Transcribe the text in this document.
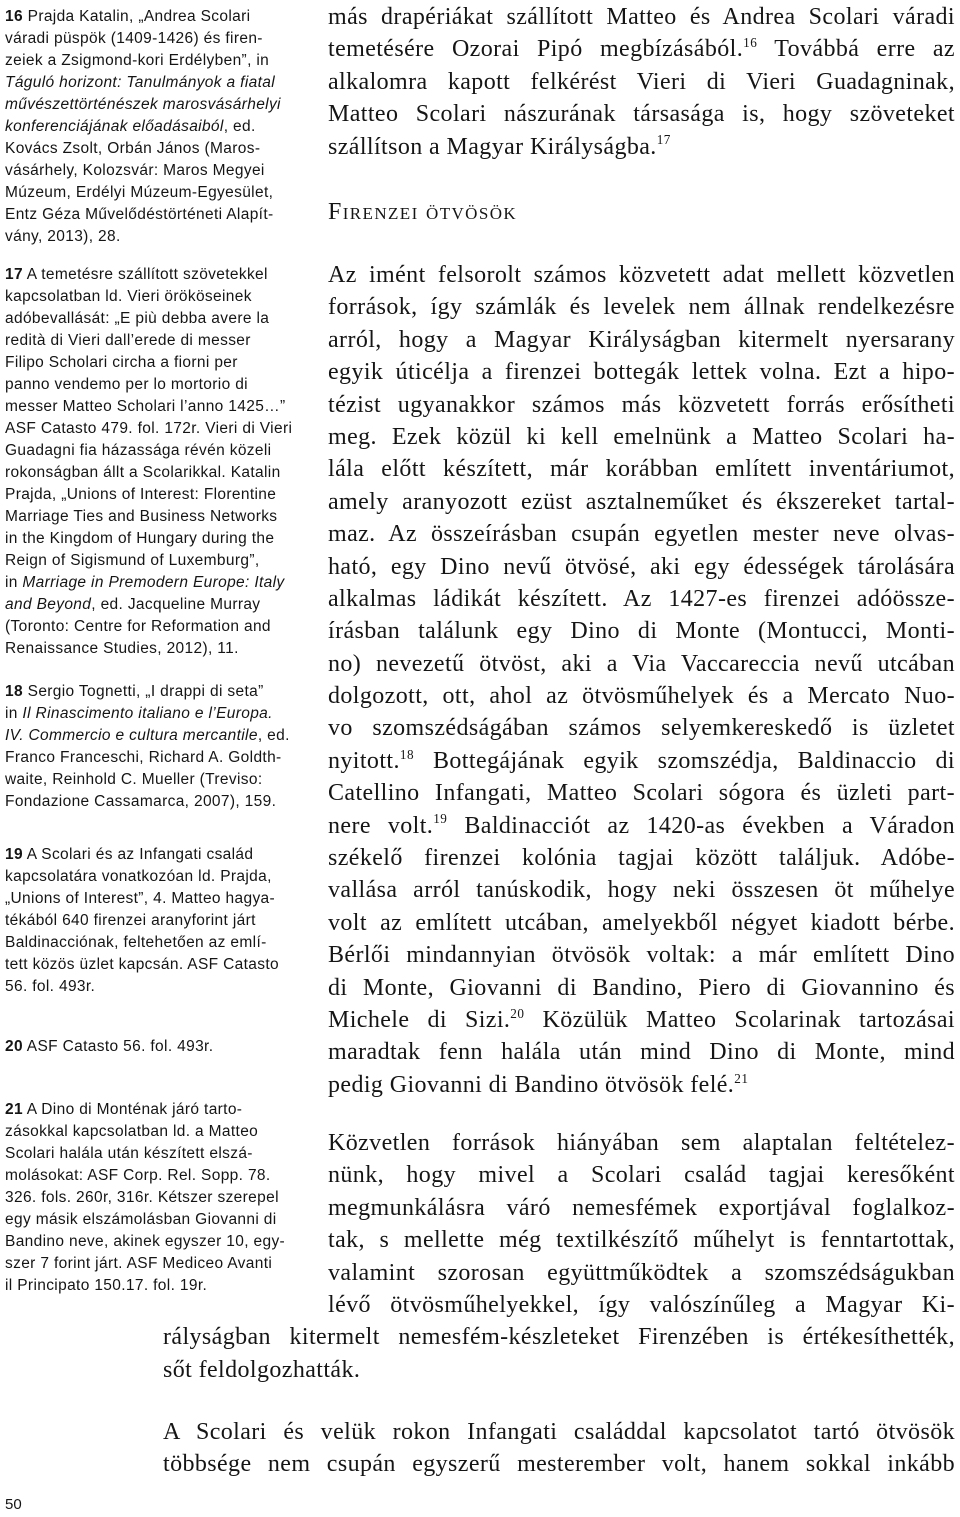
16 Prajda Katalin, „Andrea Scolari
váradi püspök (1409-1426) és firen-
zeiek a Zsigmond-kori Erdélyben”, in
Táguló horizont: Tanulmányok a fiatal
művészettörténészek marosvásárhelyi
konferenciájának előadásaiból, ed.
Kovács Zsolt, Orbán János (Maros-
vásárhely, Kolozsvár: Maros Megyei
Múzeum, Erdélyi Múzeum-Egyesület,
Entz Géza Művelődéstörténeti Alapít-
vány, 2013), 28.
17 A temetésre szállított szövetekkel
kapcsolatban ld. Vieri örököseinek
adóbevallását: „E più debba avere la
redità di Vieri dall’erede di messer
Filipo Scholari circha a fiorni per
panno vendemo per lo mortorio di
messer Matteo Scholari l’anno 1425…”
ASF Catasto 479. fol. 172r. Vieri di Vieri
Guadagni fia házassága révén közeli
rokonságban állt a Scolarikkal. Katalin
Prajda, „Unions of Interest: Florentine
Marriage Ties and Business Networks
in the Kingdom of Hungary during the
Reign of Sigismund of Luxemburg”,
in Marriage in Premodern Europe: Italy
and Beyond, ed. Jacqueline Murray
(Toronto: Centre for Reformation and
Renaissance Studies, 2012), 11.
18 Sergio Tognetti, „I drappi di seta”
in Il Rinascimento italiano e l’Europa.
IV. Commercio e cultura mercantile, ed.
Franco Franceschi, Richard A. Goldth-
waite, Reinhold C. Mueller (Treviso:
Fondazione Cassamarca, 2007), 159.
19 A Scolari és az Infangati család
kapcsolatára vonatkozóan ld. Prajda,
„Unions of Interest”, 4. Matteo hagya-
tékából 640 firenzei aranyforint járt
Baldinacciónak, feltehetően az emlí-
tett közös üzlet kapcsán. ASF Catasto
56. fol. 493r.
20 ASF Catasto 56. fol. 493r.
21 A Dino di Monténak járó tarto-
zásokkal kapcsolatban ld. a Matteo
Scolari halála után készített elszá-
molásokat: ASF Corp. Rel. Sopp. 78.
326. fols. 260r, 316r. Kétszer szerepel
egy másik elszámolásban Giovanni di
Bandino neve, akinek egyszer 10, egy-
szer 7 forint járt. ASF Mediceo Avanti
il Principato 150.17. fol. 19r.
más drapériákat szállított Matteo és Andrea Scolari váradi
temetésére Ozorai Pipó megbízásából.$^{16}$ Továbbá erre az
alkalomra kapott felkérést Vieri di Vieri Guadagninak,
Matteo Scolari nászurának társasága is, hogy szöveteket
szállítson a Magyar Királyságba.$^{17}$
Firenzei ötvösök
Az imént felsorolt számos közvetett adat mellett közvetlen
források, így számlák és levelek nem állnak rendelkezésre
arról, hogy a Magyar Királyságban kitermelt nyersarany
egyik úticélja a firenzei bottegák lettek volna. Ezt a hipo-
tézist ugyanakkor számos más közvetett forrás erősítheti
meg. Ezek közül ki kell emelnünk a Matteo Scolari ha-
lála előtt készített, már korábban említett inventáriumot,
amely aranyozott ezüst asztalneműket és ékszereket tartal-
maz. Az összeírásban csupán egyetlen mester neve olvas-
ható, egy Dino nevű ötvösé, aki egy édességek tárolására
alkalmas ládikát készített. Az 1427-es firenzei adóössze-
írásban találunk egy Dino di Monte (Montucci, Monti-
no) nevezetű ötvöst, aki a Via Vaccareccia nevű utcában
dolgozott, ott, ahol az ötvösműhelyek és a Mercato Nuo-
vo szomszédságában számos selyemkereskedő is üzletet
nyitott.$^{18}$ Bottegájának egyik szomszédja, Baldinaccio di
Catellino Infangati, Matteo Scolari sógora és üzleti part-
nere volt.$^{19}$ Baldinacciót az 1420-as években a Váradon
székelő firenzei kolónia tagjai között találjuk. Adóbe-
vallása arról tanúskodik, hogy neki összesen öt műhelye
volt az említett utcában, amelyekből négyet kiadott bérbe.
Bérlői mindannyian ötvösök voltak: a már említett Dino
di Monte, Giovanni di Bandino, Piero di Giovannino és
Michele di Sizi.$^{20}$ Közülük Matteo Scolarinak tartozásai
maradtak fenn halála után mind Dino di Monte, mind
pedig Giovanni di Bandino ötvösök felé.$^{21}$
Közvetlen források hiányában sem alaptalan feltételez-
nünk, hogy mivel a Scolari család tagjai keresőként
megmunkálásra váró nemesfémek exportjával foglalkoz-
tak, s mellette még textilkészítő műhelyt is fenntartottak,
valamint szorosan együttműködtek a szomszédságukban
lévő ötvösműhelyekkel, így valószínűleg a Magyar Ki-
rályságban kitermelt nemesfém-készleteket Firenzében is értékesíthették,
sőt feldolgozhatták.
A Scolari és velük rokon Infangati családdal kapcsolatot tartó ötvösök
többsége nem csupán egyszerű mesterember volt, hanem sokkal inkább
50
